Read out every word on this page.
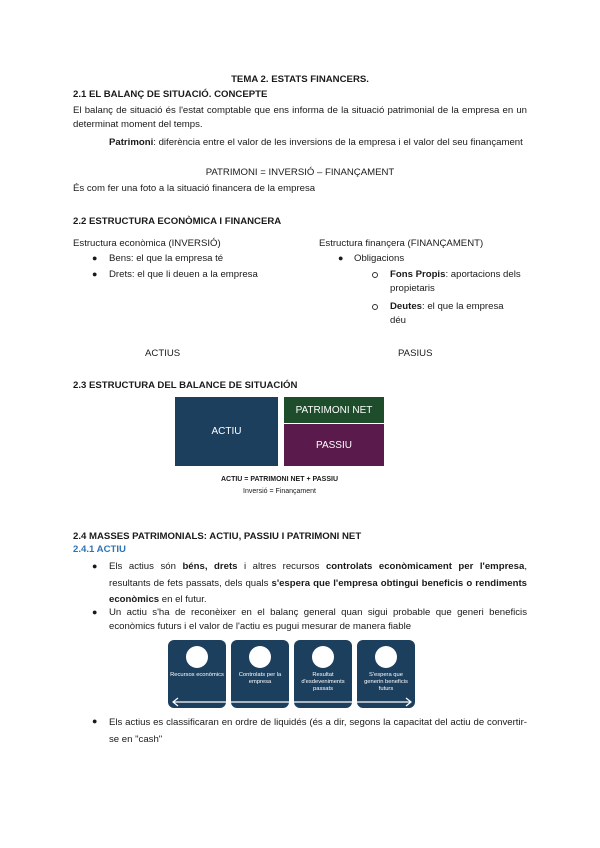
TEMA 2. ESTATS FINANCERS.
2.1 EL BALANÇ DE SITUACIÓ. CONCEPTE
El balanç de situació és l'estat comptable que ens informa de la situació patrimonial de la empresa en un determinat moment del temps.
Patrimoni: diferència entre el valor de les inversions de la empresa i el valor del seu finançament
PATRIMONI = INVERSIÓ – FINANÇAMENT
És com fer una foto a la situació financera de la empresa
2.2 ESTRUCTURA ECONÒMICA I FINANCERA
Estructura econòmica (INVERSIÓ)
● Bens: el que la empresa té
● Drets: el que li deuen a la empresa
Estructura finançera (FINANÇAMENT)
● Obligacions
Fons Propis: aportacions dels propietaris
Deutes: el que la empresa déu
ACTIUS	PASIUS
2.3 ESTRUCTURA DEL BALANCE DE SITUACIÓN
ACTIU
PATRIMONI NET
PASSIU
ACTIU = PATRIMONI NET + PASSIU
Inversió = Finançament
2.4 MASSES PATRIMONIALS: ACTIU, PASSIU I PATRIMONI NET
2.4.1 ACTIU
● Els actius són béns, drets i altres recursos controlats econòmicament per l'empresa, resultants de fets passats, dels quals s'espera que l'empresa obtingui beneficis o rendiments econòmics en el futur.
● Un actiu s'ha de reconèixer en el balanç general quan sigui probable que generi beneficis econòmics futurs i el valor de l'actiu es pugui mesurar de manera fiable
Recursos econòmics	Controlats per la empresa
Resultat d'esdeveniments passats
S'espera que generin beneficis futurs
● Els actius es classificaran en ordre de liquidés (és a dir, segons la capacitat del actiu de convertir-se en "cash"
